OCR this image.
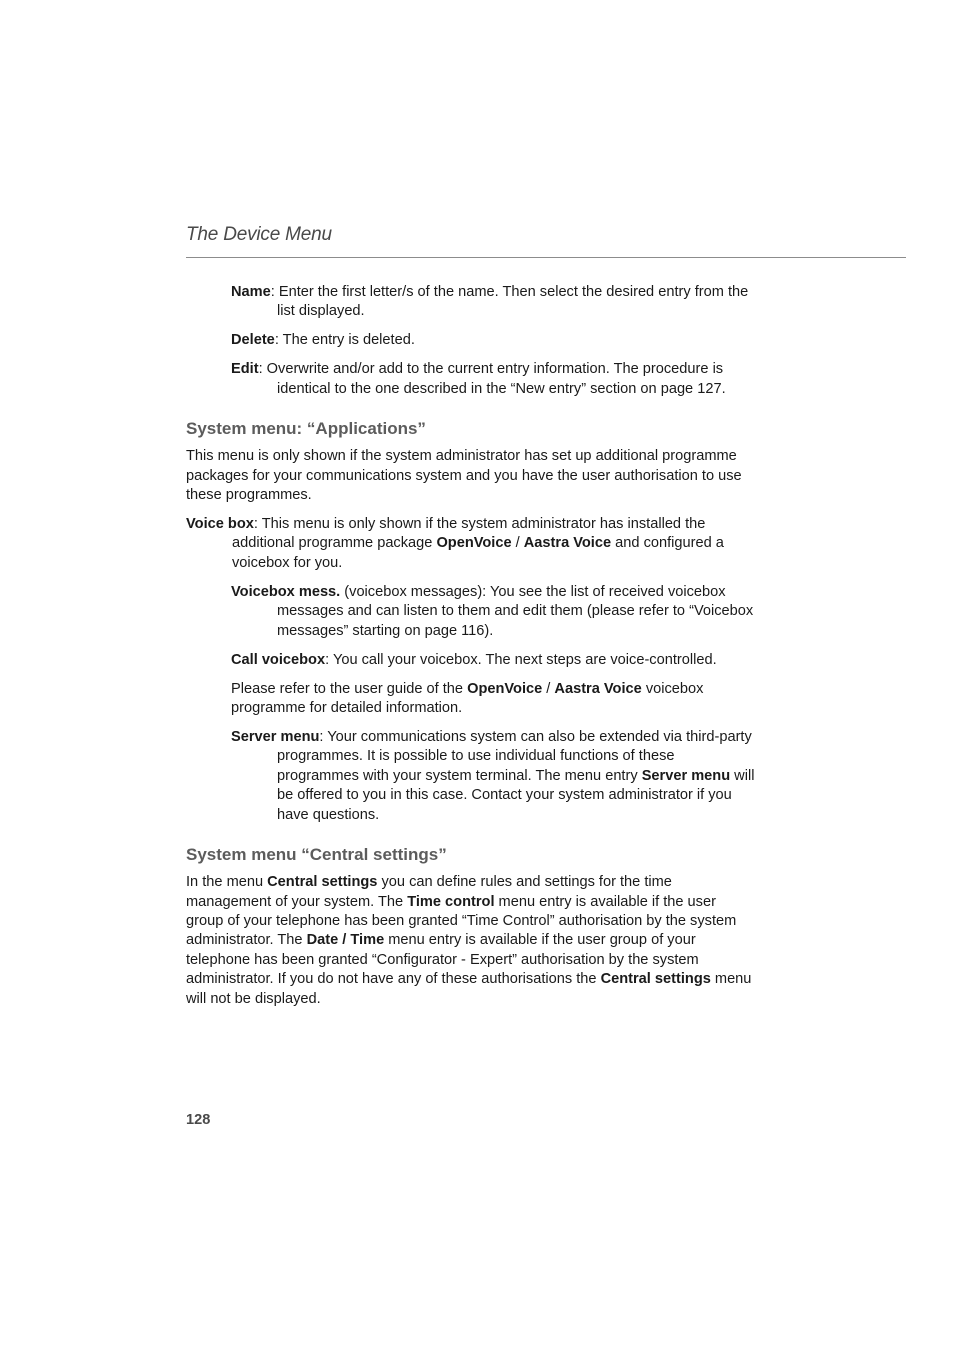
The Device Menu

Name: Enter the first letter/s of the name. Then select the desired entry from the list displayed.

Delete: The entry is deleted.

Edit: Overwrite and/or add to the current entry information. The procedure is identical to the one described in the “New entry” section on page 127.

System menu: “Applications”

This menu is only shown if the system administrator has set up additional programme packages for your communications system and you have the user authorisation to use these programmes.

Voice box: This menu is only shown if the system administrator has installed the additional programme package OpenVoice / Aastra Voice and configured a voicebox for you.

Voicebox mess. (voicebox messages): You see the list of received voicebox messages and can listen to them and edit them (please refer to “Voicebox messages” starting on page 116).

Call voicebox: You call your voicebox. The next steps are voice-controlled.

Please refer to the user guide of the OpenVoice / Aastra Voice voicebox programme for detailed information.

Server menu: Your communications system can also be extended via third-party programmes. It is possible to use individual functions of these programmes with your system terminal. The menu entry Server menu will be offered to you in this case. Contact your system administrator if you have questions.

System menu “Central settings”

In the menu Central settings you can define rules and settings for the time management of your system. The Time control menu entry is available if the user group of your telephone has been granted “Time Control” authorisation by the system administrator. The Date / Time menu entry is available if the user group of your telephone has been granted “Configurator - Expert” authorisation by the system administrator. If you do not have any of these authorisations the Central settings menu will not be displayed.

128
